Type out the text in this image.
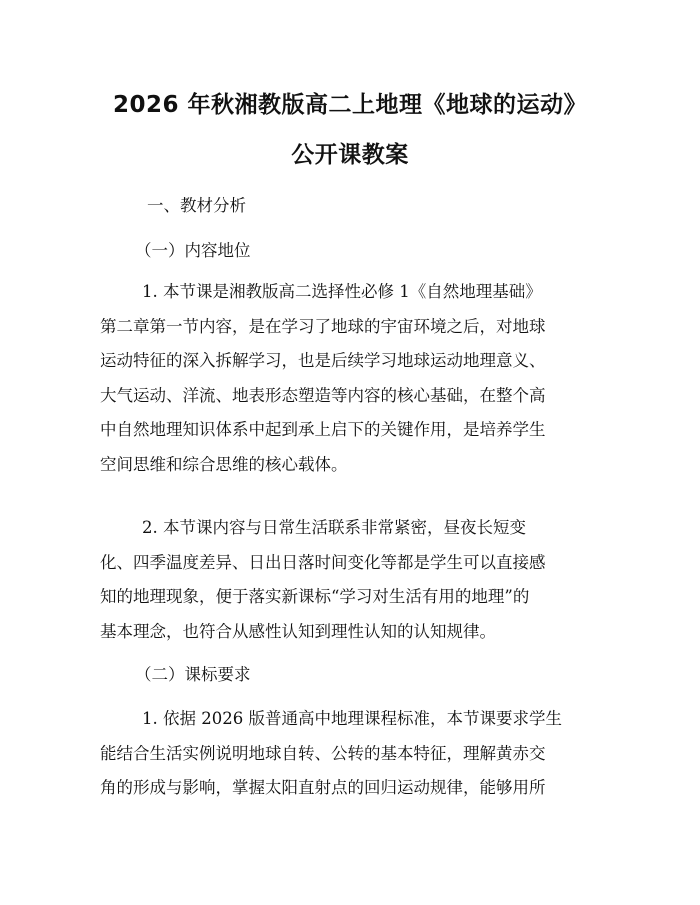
2026 年秋湘教版高二上地理《地球的运动》
公开课教案
一、教材分析
（一）内容地位
1. 本节课是湘教版高二选择性必修 1《自然地理基础》
第二章第一节内容，是在学习了地球的宇宙环境之后，对地球
运动特征的深入拆解学习，也是后续学习地球运动地理意义、
大气运动、洋流、地表形态塑造等内容的核心基础，在整个高
中自然地理知识体系中起到承上启下的关键作用，是培养学生
空间思维和综合思维的核心载体。
2. 本节课内容与日常生活联系非常紧密，昼夜长短变
化、四季温度差异、日出日落时间变化等都是学生可以直接感
知的地理现象，便于落实新课标“学习对生活有用的地理”的
基本理念，也符合从感性认知到理性认知的认知规律。
（二）课标要求
1. 依据 2026 版普通高中地理课程标准，本节课要求学生
能结合生活实例说明地球自转、公转的基本特征，理解黄赤交
角的形成与影响，掌握太阳直射点的回归运动规律，能够用所
